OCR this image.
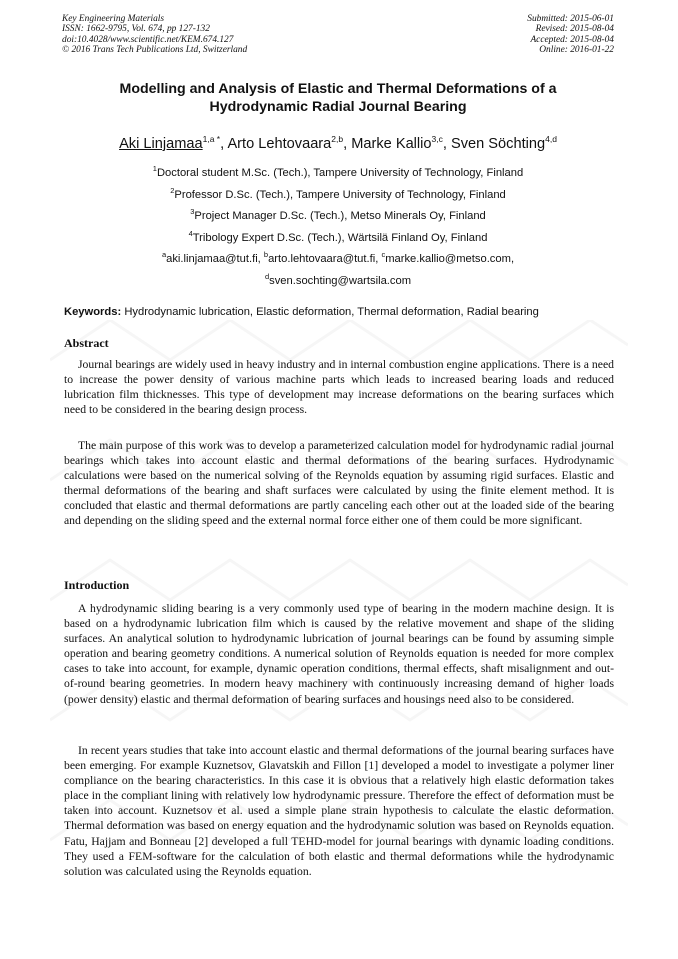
Key Engineering Materials
ISSN: 1662-9795, Vol. 674, pp 127-132
doi:10.4028/www.scientific.net/KEM.674.127
© 2016 Trans Tech Publications Ltd, Switzerland
Submitted: 2015-06-01
Revised: 2015-08-04
Accepted: 2015-08-04
Online: 2016-01-22
Modelling and Analysis of Elastic and Thermal Deformations of a
Hydrodynamic Radial Journal Bearing
Aki Linjamaa$^{1,a *}$, Arto Lehtovaara$^{2,b}$, Marke Kallio$^{3,c}$, Sven Söchting$^{4,d}$
$^1$Doctoral student M.Sc. (Tech.), Tampere University of Technology, Finland
$^2$Professor D.Sc. (Tech.), Tampere University of Technology, Finland
$^3$Project Manager D.Sc. (Tech.), Metso Minerals Oy, Finland
$^4$Tribology Expert D.Sc. (Tech.), Wärtsilä Finland Oy, Finland
$^a$aki.linjamaa@tut.fi, $^b$arto.lehtovaara@tut.fi, $^c$marke.kallio@metso.com,
$^d$sven.sochting@wartsila.com
Keywords: Hydrodynamic lubrication, Elastic deformation, Thermal deformation, Radial bearing
Abstract

Journal bearings are widely used in heavy industry and in internal combustion engine applications. There is a need to increase the power density of various machine parts which leads to increased bearing loads and reduced lubrication film thicknesses. This type of development may increase deformations on the bearing surfaces which need to be considered in the bearing design process.

The main purpose of this work was to develop a parameterized calculation model for hydrodynamic radial journal bearings which takes into account elastic and thermal deformations of the bearing surfaces. Hydrodynamic calculations were based on the numerical solving of the Reynolds equation by assuming rigid surfaces. Elastic and thermal deformations of the bearing and shaft surfaces were calculated by using the finite element method. It is concluded that elastic and thermal deformations are partly canceling each other out at the loaded side of the bearing and depending on the sliding speed and the external normal force either one of them could be more significant.

Introduction

A hydrodynamic sliding bearing is a very commonly used type of bearing in the modern machine design. It is based on a hydrodynamic lubrication film which is caused by the relative movement and shape of the sliding surfaces. An analytical solution to hydrodynamic lubrication of journal bearings can be found by assuming simple operation and bearing geometry conditions. A numerical solution of Reynolds equation is needed for more complex cases to take into account, for example, dynamic operation conditions, thermal effects, shaft misalignment and out-of-round bearing geometries. In modern heavy machinery with continuously increasing demand of higher loads (power density) elastic and thermal deformation of bearing surfaces and housings need also to be considered.

In recent years studies that take into account elastic and thermal deformations of the journal bearing surfaces have been emerging. For example Kuznetsov, Glavatskih and Fillon [1] developed a model to investigate a polymer liner compliance on the bearing characteristics. In this case it is obvious that a relatively high elastic deformation takes place in the compliant lining with relatively low hydrodynamic pressure. Therefore the effect of deformation must be taken into account. Kuznetsov et al. used a simple plane strain hypothesis to calculate the elastic deformation. Thermal deformation was based on energy equation and the hydrodynamic solution was based on Reynolds equation. Fatu, Hajjam and Bonneau [2] developed a full TEHD-model for journal bearings with dynamic loading conditions. They used a FEM-software for the calculation of both elastic and thermal deformations while the hydrodynamic solution was calculated using the Reynolds equation.
